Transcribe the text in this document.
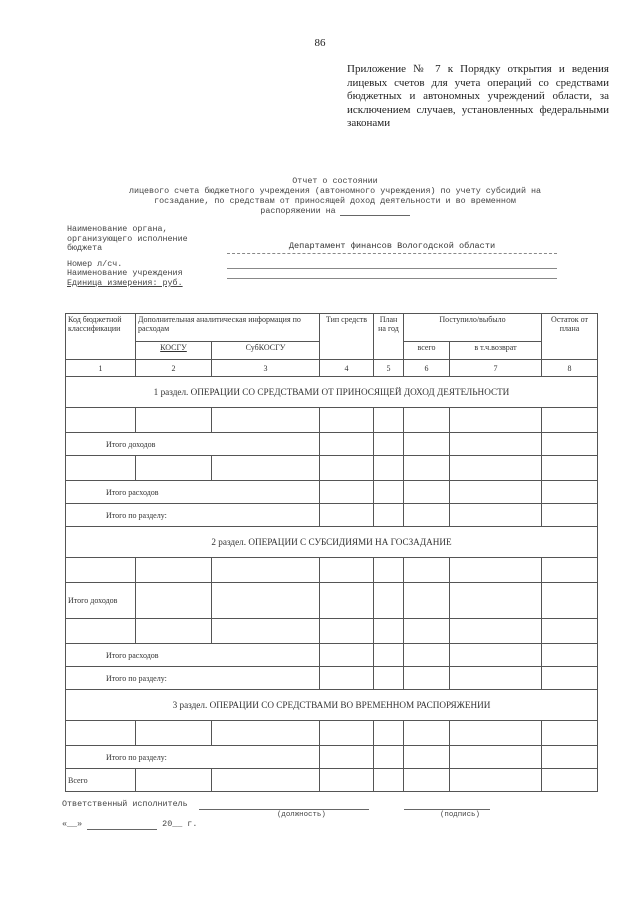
86
Приложение № 7 к Порядку открытия и ведения лицевых счетов для учета операций со средствами бюджетных и автономных учреждений области, за исключением случаев, установленных федеральными законами
Отчет о состоянии
лицевого счета бюджетного учреждения (автономного учреждения) по учету субсидий на
госзадание, по средствам от приносящей доход деятельности и во временном
распоряжении на
Наименование органа,
организующего исполнение
бюджета	Департамент финансов Вологодской области
Номер л/сч.
Наименование учреждения
Единица измерения: руб.
Код бюджетной классификации	Дополнительная аналитическая информация по расходам		Тип средств	План на год	Поступило/выбыло		Остаток от плана
	КОСГУ	СубКОСГУ			всего	в т.ч.возврат	
1	2	3	4	5	6	7	8
1 раздел. ОПЕРАЦИИ СО СРЕДСТВАМИ ОТ ПРИНОСЯЩЕЙ ДОХОД ДЕЯТЕЛЬНОСТИ							

Итого доходов							

Итого расходов							
Итого по разделу:							
2 раздел. ОПЕРАЦИИ С СУБСИДИЯМИ НА ГОСЗАДАНИЕ							

Итого доходов							

Итого расходов							
Итого по разделу:							
3 раздел. ОПЕРАЦИИ СО СРЕДСТВАМИ ВО ВРЕМЕННОМ РАСПОРЯЖЕНИИ							

Итого по разделу:							
Всего							
Ответственный исполнитель
(должность)	(подпись)
«__»	20__ г.
